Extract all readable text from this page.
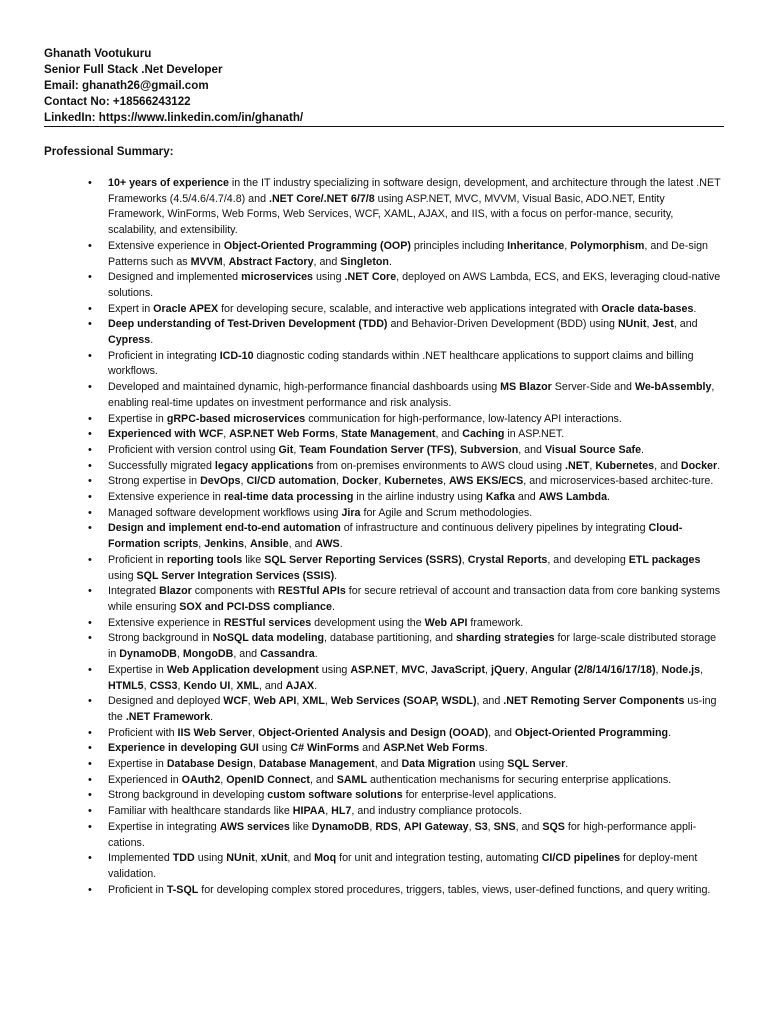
Ghanath Vootukuru
Senior Full Stack .Net Developer
Email: ghanath26@gmail.com
Contact No: +18566243122
LinkedIn: https://www.linkedin.com/in/ghanath/
Professional Summary:
• 10+ years of experience in the IT industry specializing in software design, development, and architecture through the latest .NET Frameworks (4.5/4.6/4.7/4.8) and .NET Core/.NET 6/7/8 using ASP.NET, MVC, MVVM, Visual Basic, ADO.NET, Entity Framework, WinForms, Web Forms, Web Services, WCF, XAML, AJAX, and IIS, with a focus on perfor-mance, security, scalability, and extensibility.
• Extensive experience in Object-Oriented Programming (OOP) principles including Inheritance, Polymorphism, and De-sign Patterns such as MVVM, Abstract Factory, and Singleton.
• Designed and implemented microservices using .NET Core, deployed on AWS Lambda, ECS, and EKS, leveraging cloud-native solutions.
• Expert in Oracle APEX for developing secure, scalable, and interactive web applications integrated with Oracle data-bases.
• Deep understanding of Test-Driven Development (TDD) and Behavior-Driven Development (BDD) using NUnit, Jest, and Cypress.
• Proficient in integrating ICD-10 diagnostic coding standards within .NET healthcare applications to support claims and billing workflows.
• Developed and maintained dynamic, high-performance financial dashboards using MS Blazor Server-Side and We-bAssembly, enabling real-time updates on investment performance and risk analysis.
• Expertise in gRPC-based microservices communication for high-performance, low-latency API interactions.
• Experienced with WCF, ASP.NET Web Forms, State Management, and Caching in ASP.NET.
• Proficient with version control using Git, Team Foundation Server (TFS), Subversion, and Visual Source Safe.
• Successfully migrated legacy applications from on-premises environments to AWS cloud using .NET, Kubernetes, and Docker.
• Strong expertise in DevOps, CI/CD automation, Docker, Kubernetes, AWS EKS/ECS, and microservices-based architec-ture.
• Extensive experience in real-time data processing in the airline industry using Kafka and AWS Lambda.
• Managed software development workflows using Jira for Agile and Scrum methodologies.
• Design and implement end-to-end automation of infrastructure and continuous delivery pipelines by integrating Cloud-Formation scripts, Jenkins, Ansible, and AWS.
• Proficient in reporting tools like SQL Server Reporting Services (SSRS), Crystal Reports, and developing ETL packages using SQL Server Integration Services (SSIS).
• Integrated Blazor components with RESTful APIs for secure retrieval of account and transaction data from core banking systems while ensuring SOX and PCI-DSS compliance.
• Extensive experience in RESTful services development using the Web API framework.
• Strong background in NoSQL data modeling, database partitioning, and sharding strategies for large-scale distributed storage in DynamoDB, MongoDB, and Cassandra.
• Expertise in Web Application development using ASP.NET, MVC, JavaScript, jQuery, Angular (2/8/14/16/17/18), Node.js, HTML5, CSS3, Kendo UI, XML, and AJAX.
• Designed and deployed WCF, Web API, XML, Web Services (SOAP, WSDL), and .NET Remoting Server Components us-ing the .NET Framework.
• Proficient with IIS Web Server, Object-Oriented Analysis and Design (OOAD), and Object-Oriented Programming.
• Experience in developing GUI using C# WinForms and ASP.Net Web Forms.
• Expertise in Database Design, Database Management, and Data Migration using SQL Server.
• Experienced in OAuth2, OpenID Connect, and SAML authentication mechanisms for securing enterprise applications.
• Strong background in developing custom software solutions for enterprise-level applications.
• Familiar with healthcare standards like HIPAA, HL7, and industry compliance protocols.
• Expertise in integrating AWS services like DynamoDB, RDS, API Gateway, S3, SNS, and SQS for high-performance appli-cations.
• Implemented TDD using NUnit, xUnit, and Moq for unit and integration testing, automating CI/CD pipelines for deploy-ment validation.
• Proficient in T-SQL for developing complex stored procedures, triggers, tables, views, user-defined functions, and query writing.
